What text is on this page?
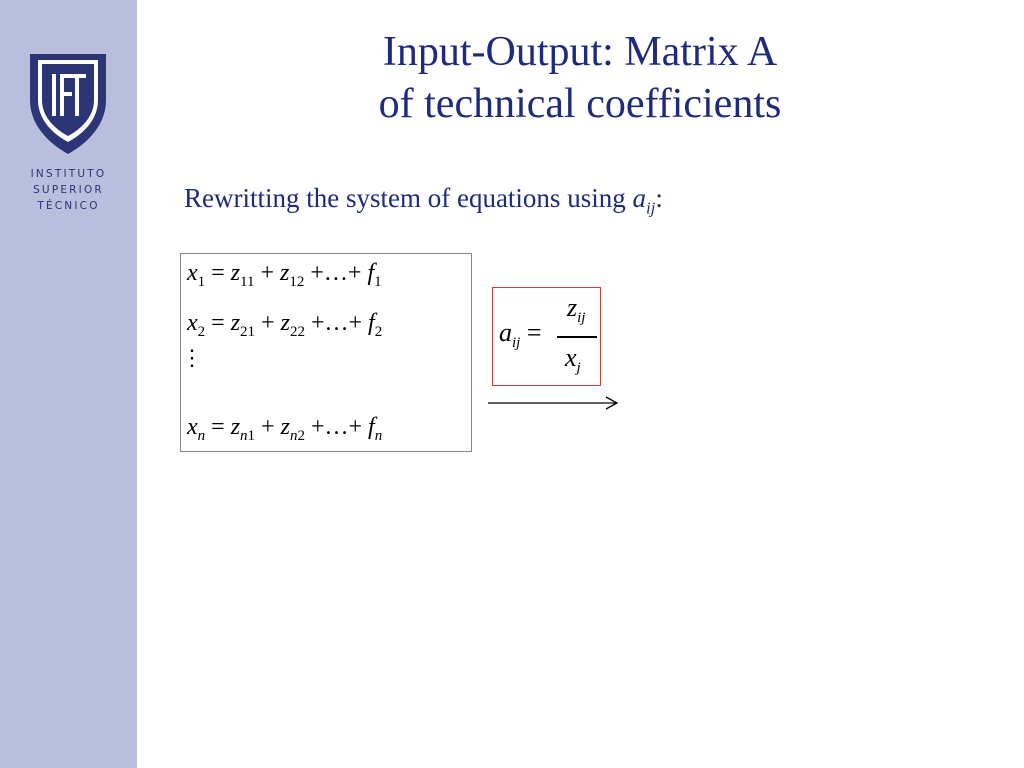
INSTITUTO
SUPERIOR
TÉCNICO
Input-Output: Matrix A
of technical coefficients
Rewritting the system of equations using $a_{ij}$:
$x_1 = z_{11} + z_{12}$ +…+ $f_1$
$x_2 = z_{21} + z_{22}$ +…+ $f_2$
⋮
$x_n = z_{n1} + z_{n2}$ +…+ $f_n$
$a_{ij}$ =
$z_{ij}$
$x_j$
